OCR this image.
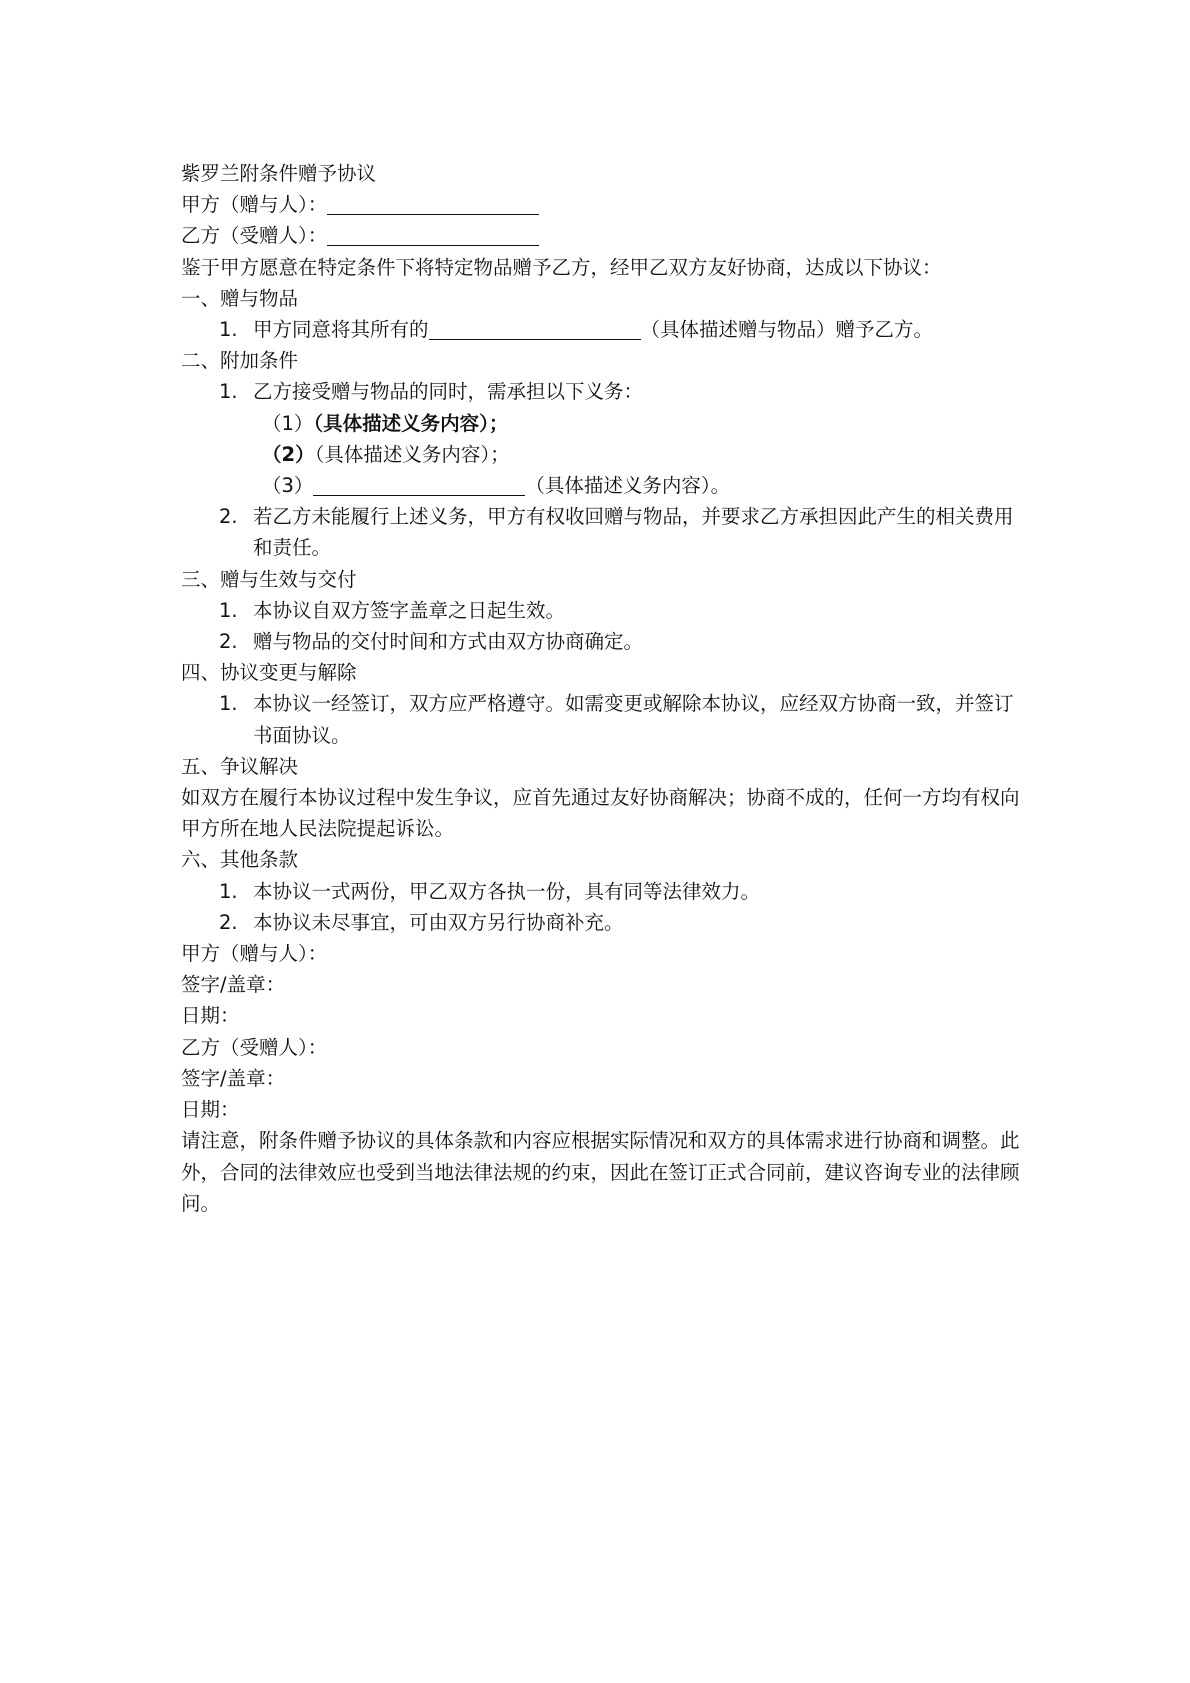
紫罗兰附条件赠予协议
甲方（赠与人）：
乙方（受赠人）：
鉴于甲方愿意在特定条件下将特定物品赠予乙方，经甲乙双方友好协商，达成以下协议：
一、赠与物品
1. 甲方同意将其所有的	（具体描述赠与物品）赠予乙方。
二、附加条件
1. 乙方接受赠与物品的同时，需承担以下义务：
（1）（具体描述义务内容）；
（2）（具体描述义务内容）；
（3）	（具体描述义务内容）。
2. 若乙方未能履行上述义务，甲方有权收回赠与物品，并要求乙方承担因此产生的相关费用和责任。
三、赠与生效与交付
1. 本协议自双方签字盖章之日起生效。
2. 赠与物品的交付时间和方式由双方协商确定。
四、协议变更与解除
1. 本协议一经签订，双方应严格遵守。如需变更或解除本协议，应经双方协商一致，并签订书面协议。
五、争议解决
如双方在履行本协议过程中发生争议，应首先通过友好协商解决；协商不成的，任何一方均有权向甲方所在地人民法院提起诉讼。
六、其他条款
1. 本协议一式两份，甲乙双方各执一份，具有同等法律效力。
2. 本协议未尽事宜，可由双方另行协商补充。
甲方（赠与人）：
签字/盖章：
日期：
乙方（受赠人）：
签字/盖章：
日期：
请注意，附条件赠予协议的具体条款和内容应根据实际情况和双方的具体需求进行协商和调整。此外，合同的法律效应也受到当地法律法规的约束，因此在签订正式合同前，建议咨询专业的法律顾问。
